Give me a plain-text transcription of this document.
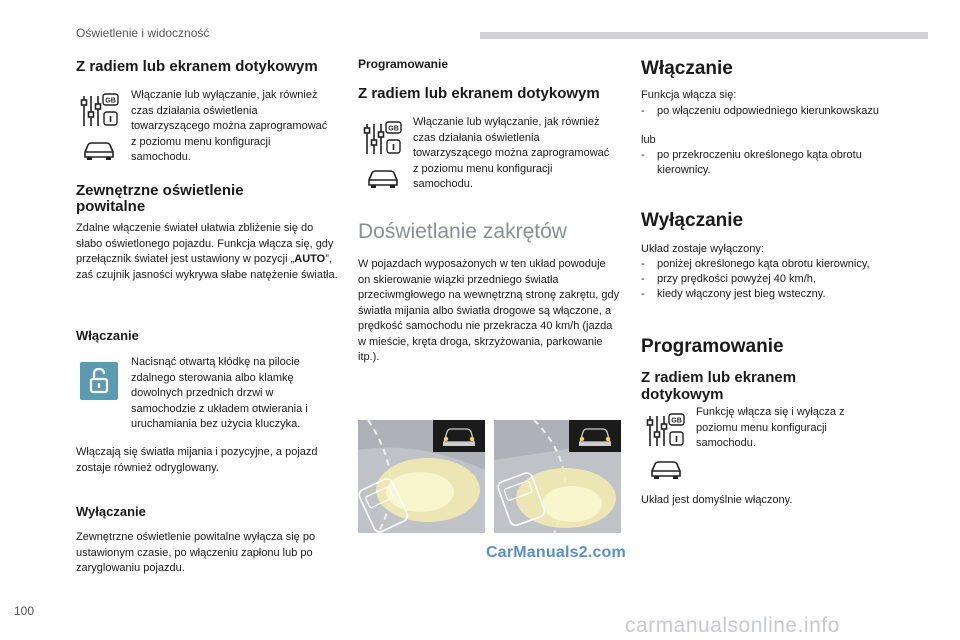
Oświetlenie i widoczność
Z radiem lub ekranem dotykowym
GB Włączanie lub wyłączanie, jak również czas działania oświetlenia towarzyszącego można zaprogramować z poziomu menu konfiguracji samochodu.
Zewnętrzne oświetlenie
powitalne
Zdalne włączenie świateł ułatwia zbliżenie się do słabo oświetlonego pojazdu. Funkcja włącza się, gdy przełącznik świateł jest ustawiony w pozycji „AUTO”, zaś czujnik jasności wykrywa słabe natężenie światła.
Włączanie
Nacisnąć otwartą kłódkę na pilocie zdalnego sterowania albo klamkę dowolnych przednich drzwi w samochodzie z układem otwierania i uruchamiania bez użycia kluczyka.
Włączają się światła mijania i pozycyjne, a pojazd zostaje również odryglowany.
Wyłączanie
Zewnętrzne oświetlenie powitalne wyłącza się po ustawionym czasie, po włączeniu zapłonu lub po zaryglowaniu pojazdu.
Programowanie
Z radiem lub ekranem dotykowym
GB
Włączanie lub wyłączanie, jak również czas działania oświetlenia towarzyszącego można zaprogramować z poziomu menu konfiguracji samochodu.
Doświetlanie zakrętów
W pojazdach wyposażonych w ten układ powoduje on skierowanie wiązki przedniego światła przeciwmgłowego na wewnętrzną stronę zakrętu, gdy światła mijania albo światła drogowe są włączone, a prędkość samochodu nie przekracza 40 km/h (jazda w mieście, kręta droga, skrzyżowania, parkowanie itp.).
CarManuals2.com
Włączanie
Funkcja włącza się:
- po włączeniu odpowiedniego kierunkowskazu
lub
- po przekroczeniu określonego kąta obrotu kierownicy.
Wyłączanie
Układ zostaje wyłączony:
- poniżej określonego kąta obrotu kierownicy,
- przy prędkości powyżej 40 km/h,
- kiedy włączony jest bieg wsteczny.
Programowanie
Z radiem lub ekranem
dotykowym
GB
Funkcję włącza się i wyłącza z poziomu menu konfiguracji samochodu.
Układ jest domyślnie włączony.
100
carmanualsonline.info
